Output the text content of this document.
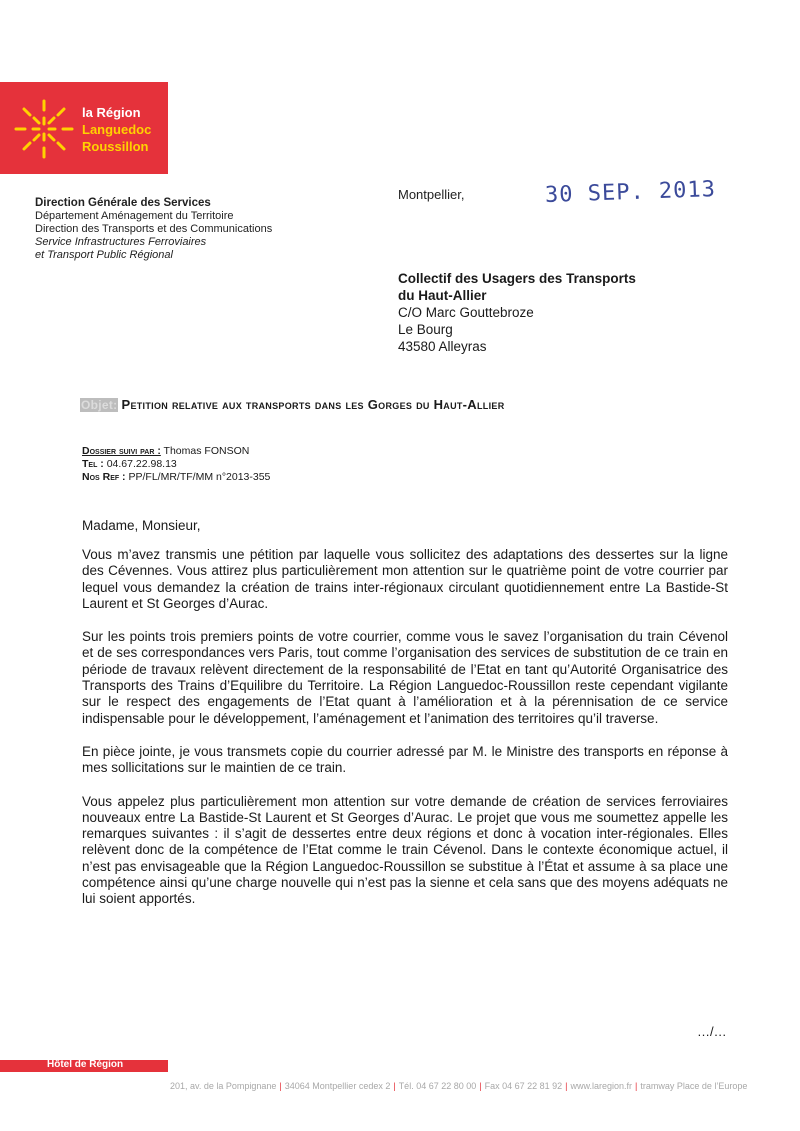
la Région
Languedoc
Roussillon
Direction Générale des Services
Département Aménagement du Territoire
Direction des Transports et des Communications
Service Infrastructures Ferroviaires
et Transport Public Régional
Montpellier,	30 SEP. 2013
Collectif des Usagers des Transports
du Haut-Allier
C/O Marc Gouttebroze
Le Bourg
43580 Alleyras
Objet: Petition relative aux transports dans les Gorges du Haut-Allier
Dossier suivi par : Thomas FONSON
Tel : 04.67.22.98.13
Nos Ref : PP/FL/MR/TF/MM n°2013-355
Madame, Monsieur,

Vous m’avez transmis une pétition par laquelle vous sollicitez des adaptations des dessertes sur la ligne des Cévennes. Vous attirez plus particulièrement mon attention sur le quatrième point de votre courrier par lequel vous demandez la création de trains inter-régionaux circulant quotidiennement entre La Bastide-St Laurent et St Georges d’Aurac.

Sur les points trois premiers points de votre courrier, comme vous le savez l’organisation du train Cévenol et de ses correspondances vers Paris, tout comme l’organisation des services de substitution de ce train en période de travaux relèvent directement de la responsabilité de l’Etat en tant qu’Autorité Organisatrice des Transports des Trains d’Equilibre du Territoire. La Région Languedoc-Roussillon reste cependant vigilante sur le respect des engagements de l’Etat quant à l’amélioration et à la pérennisation de ce service indispensable pour le développement, l’aménagement et l’animation des territoires qu’il traverse.

En pièce jointe, je vous transmets copie du courrier adressé par M. le Ministre des transports en réponse à mes sollicitations sur le maintien de ce train.

Vous appelez plus particulièrement mon attention sur votre demande de création de services ferroviaires nouveaux entre La Bastide-St Laurent et St Georges d’Aurac. Le projet que vous me soumettez appelle les remarques suivantes : il s’agit de dessertes entre deux régions et donc à vocation inter-régionales. Elles relèvent donc de la compétence de l’Etat comme le train Cévenol. Dans le contexte économique actuel, il n’est pas envisageable que la Région Languedoc-Roussillon se substitue à l’État et assume à sa place une compétence ainsi qu’une charge nouvelle qui n’est pas la sienne et cela sans que des moyens adéquats ne lui soient apportés.

…/…
Hôtel de Région
201, av. de la Pompignane | 34064 Montpellier cedex 2 | Tél. 04 67 22 80 00 | Fax 04 67 22 81 92 | www.laregion.fr | tramway Place de l’Europe
